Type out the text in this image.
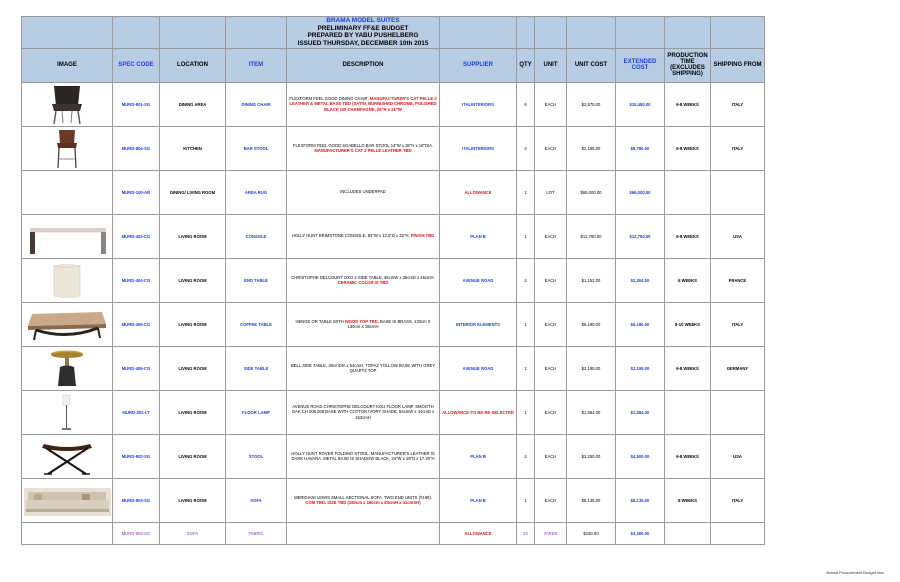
				BRAMA MODEL SUITES
PRELIMINARY FF&E BUDGET
PREPARED BY YABU PUSHELBERG
ISSUED THURSDAY, DECEMBER 10th 2015							

IMAGE	SPEC CODE	LOCATION	ITEM	DESCRIPTION	SUPPLIER	QTY	UNIT	UNIT COST	EXTENDED COST	PRODUCTION TIME (EXCLUDES SHIPPING)	SHIPPING FROM

	MURD-801-SG	DINING AREA	DINING CHAIR	FLEXFORM FEEL GOOD DINING CHAIR. MANUFACTURER'S CAT PELLE 2 LEATHER & METAL BASE TBD (SATIN, BURNISHED CHROME, POLISHED BLACK OR CHAMPAGNE, 26"H x 21"W	ITALINTERIORS	6	EACH	$2,575.00	$15,450.00	6-8 WEEKS	ITALY

	MURD-804-SG	KITCHEN	BAR STOOL	FLEXFORM FEEL GOOD SGABELLO BAR STOOL 14"W x 36"H x 18"DIA. MANUFACTURER'S CAT 2 PELLE LEATHER TBD	ITALINTERIORS	4	EACH	$2,195.00	$8,780.00	6-8 WEEKS	ITALY
	MURD-100-AR	DINING/ LIVING ROOM	AREA RUG	INCLUDES UNDERPAD	ALLOWANCE	1	LOT	$65,000.00	$65,000.00		

	MURD-403-CG	LIVING ROOM	CONSOLE	HOLLY HUNT BRIMSTONE CONSOLE, 84"W x 13.5"D x 32"H, FINISH TBD	PLAN B	1	EACH	$12,780.00	$12,780.00	6-8 WEEKS	USA

	MURD-404-CG	LIVING ROOM	END TABLE	CHRISTOPHE DELCOURT OXO 2 SIDE TABLE, 35cmW x 35cmD x 45cmH. CERAMIC COLOR IS TBD	AVENUE ROAD	2	EACH	$1,152.00	$2,304.00	6 WEEKS	FRANCE

	MURD-405-CG	LIVING ROOM	COFFEE TABLE	HENGE OR TABLE WITH WOOD TOP TBD, BASE IS BRASS, 130cm X 130cm X 38cmH	INTERIOR ELEMENTS	1	EACH	$6,190.00	$6,190.00	8-10 WEEKS	ITALY

	MURD-406-CG	LIVING ROOM	SIDE TABLE	BELL SIDE TABLE, 30cmDIA x 54cmH, TOPAZ YOLLOW BASE WITH GREY QUARTZ TOP	AVENUE ROAD	1	EACH	$2,195.00	$2,195.00	6-8 WEEKS	GERMANY

	MURD-301-LT	LIVING ROOM	FLOOR LAMP	AVENUE ROAD CHRISTOPHE DELCOURT KOU FLOOR LAMP. SMOOTH OAK CH 008.008 BASE WITH COTTON IVORY SHADE, 54cmW x 44cmD x 153cmH	ALLOWANCE-TO BE RE-SELECTED	1	EACH	$1,584.00	$1,584.00		

	MURD-802-SG	LIVING ROOM	STOOL	HOLLY HUNT ROVER FOLDING STOOL. MANUFACTURER'S LEATHER IS DARK HAVANA. METAL BASE IS SHADOW BLACK, 24"W x 19"D x 17.25"H	PLAN B	2	EACH	$2,250.00	$4,500.00	6-8 WEEKS	USA

	MURD-803-SG	LIVING ROOM	SOFA	MERIDIANI LEWIS SMALL SECTIONAL SOFA. TWO END UNITS (#199). COM TBD. SIZE TBD (160cm x 160cm x 83cmH x 41cmSH)	PLAN B	1	EACH	$8,135.00	$8,135.00	8 WEEKS	ITALY
	MURD-803-SG	SOFA	FABRIC		ALLOWANCE	22	YARDS	$150.00	$3,300.00		
Brama Procurement Budget.xlsx
